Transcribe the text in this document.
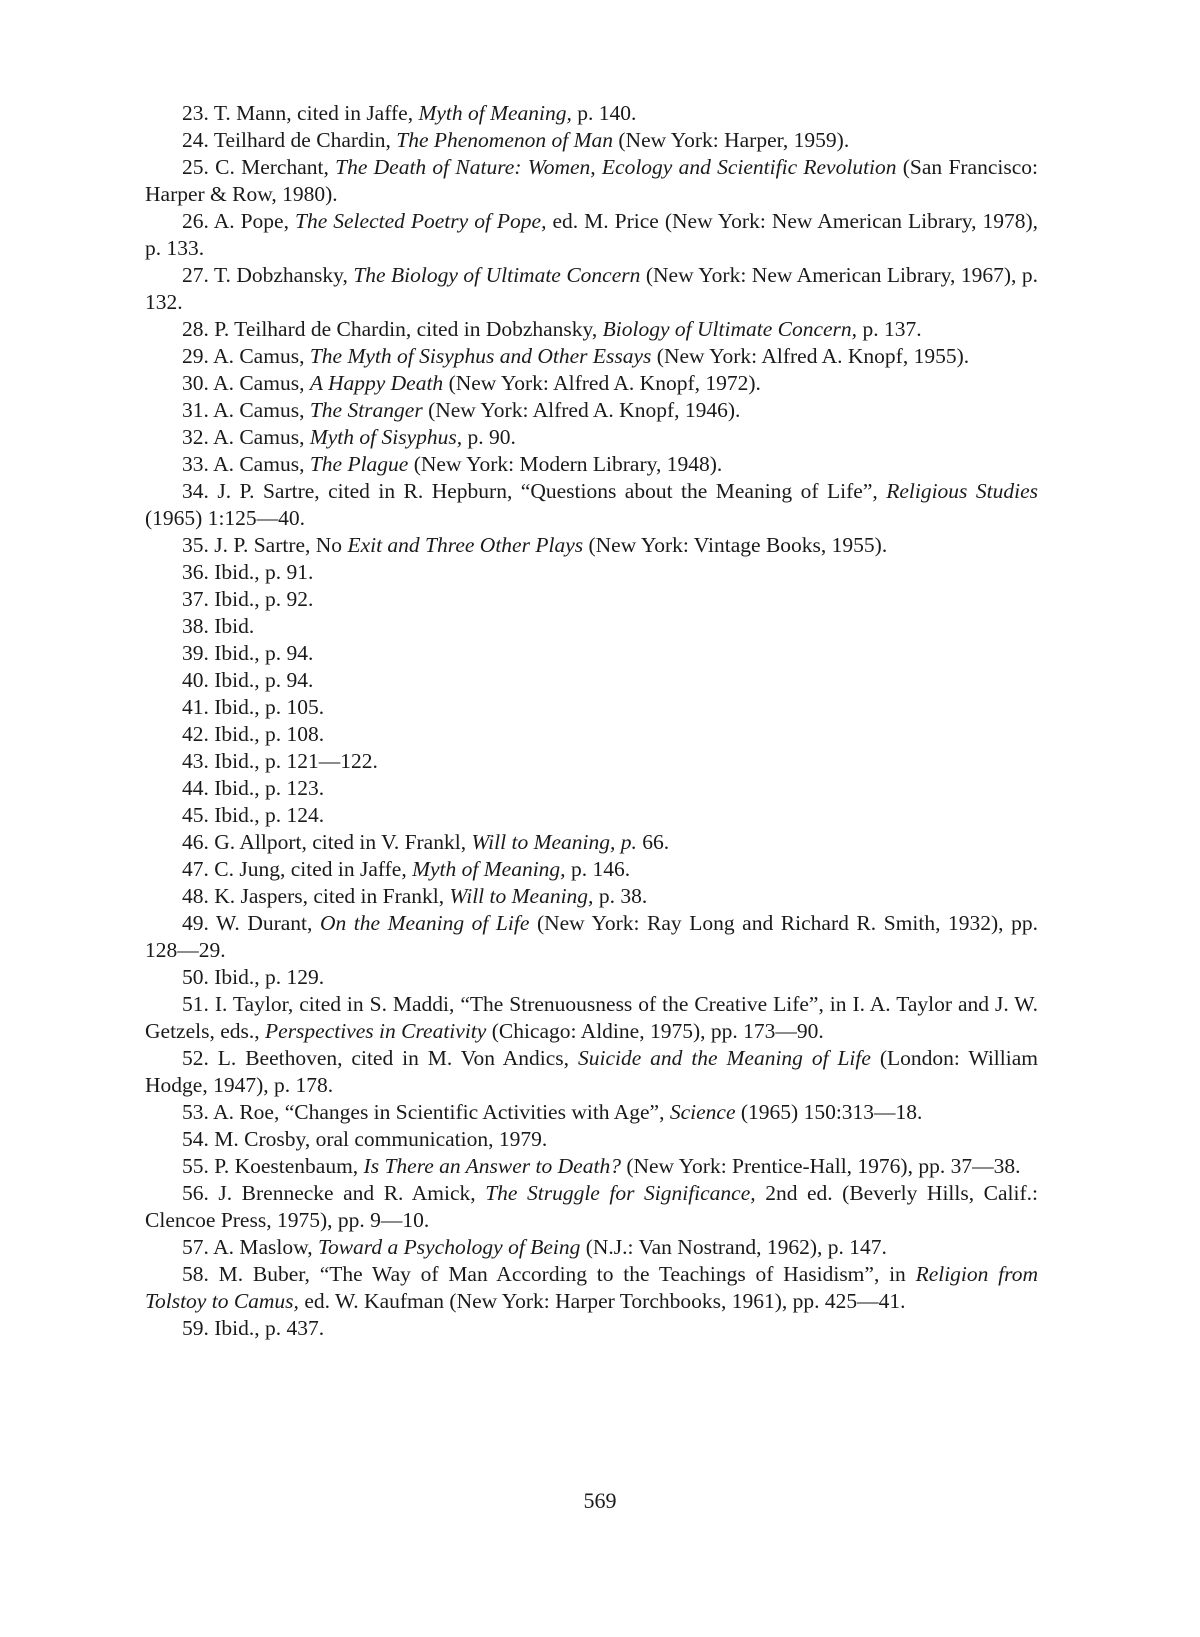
23. T. Mann, cited in Jaffe, Myth of Meaning, p. 140.

24. Teilhard de Chardin, The Phenomenon of Man (New York: Harper, 1959).

25. C. Merchant, The Death of Nature: Women, Ecology and Scientific Revolution (San Francisco: Harper & Row, 1980).

26. A. Pope, The Selected Poetry of Pope, ed. M. Price (New York: New American Library, 1978), p. 133.

27. T. Dobzhansky, The Biology of Ultimate Concern (New York: New American Library, 1967), p. 132.

28. P. Teilhard de Chardin, cited in Dobzhansky, Biology of Ultimate Concern, p. 137.

29. A. Camus, The Myth of Sisyphus and Other Essays (New York: Alfred A. Knopf, 1955).

30. A. Camus, A Happy Death (New York: Alfred A. Knopf, 1972).

31. A. Camus, The Stranger (New York: Alfred A. Knopf, 1946).

32. A. Camus, Myth of Sisyphus, p. 90.

33. A. Camus, The Plague (New York: Modern Library, 1948).

34. J. P. Sartre, cited in R. Hepburn, “Questions about the Meaning of Life”, Religious Studies (1965) 1:125—40.

35. J. P. Sartre, No Exit and Three Other Plays (New York: Vintage Books, 1955).

36. Ibid., p. 91.

37. Ibid., p. 92.

38. Ibid.

39. Ibid., p. 94.

40. Ibid., p. 94.

41. Ibid., p. 105.

42. Ibid., p. 108.

43. Ibid., p. 121—122.

44. Ibid., p. 123.

45. Ibid., p. 124.

46. G. Allport, cited in V. Frankl, Will to Meaning, p. 66.

47. C. Jung, cited in Jaffe, Myth of Meaning, p. 146.

48. K. Jaspers, cited in Frankl, Will to Meaning, p. 38.

49. W. Durant, On the Meaning of Life (New York: Ray Long and Richard R. Smith, 1932), pp. 128—29.

50. Ibid., p. 129.

51. I. Taylor, cited in S. Maddi, “The Strenuousness of the Creative Life”, in I. A. Taylor and J. W. Getzels, eds., Perspectives in Creativity (Chicago: Aldine, 1975), pp. 173—90.

52. L. Beethoven, cited in M. Von Andics, Suicide and the Meaning of Life (London: William Hodge, 1947), p. 178.

53. A. Roe, “Changes in Scientific Activities with Age”, Science (1965) 150:313—18.

54. M. Crosby, oral communication, 1979.

55. P. Koestenbaum, Is There an Answer to Death? (New York: Prentice-Hall, 1976), pp. 37—38.

56. J. Brennecke and R. Amick, The Struggle for Significance, 2nd ed. (Beverly Hills, Calif.: Clencoe Press, 1975), pp. 9—10.

57. A. Maslow, Toward a Psychology of Being (N.J.: Van Nostrand, 1962), p. 147.

58. M. Buber, “The Way of Man According to the Teachings of Hasidism”, in Religion from Tolstoy to Camus, ed. W. Kaufman (New York: Harper Torchbooks, 1961), pp. 425—41.

59. Ibid., p. 437.

569
